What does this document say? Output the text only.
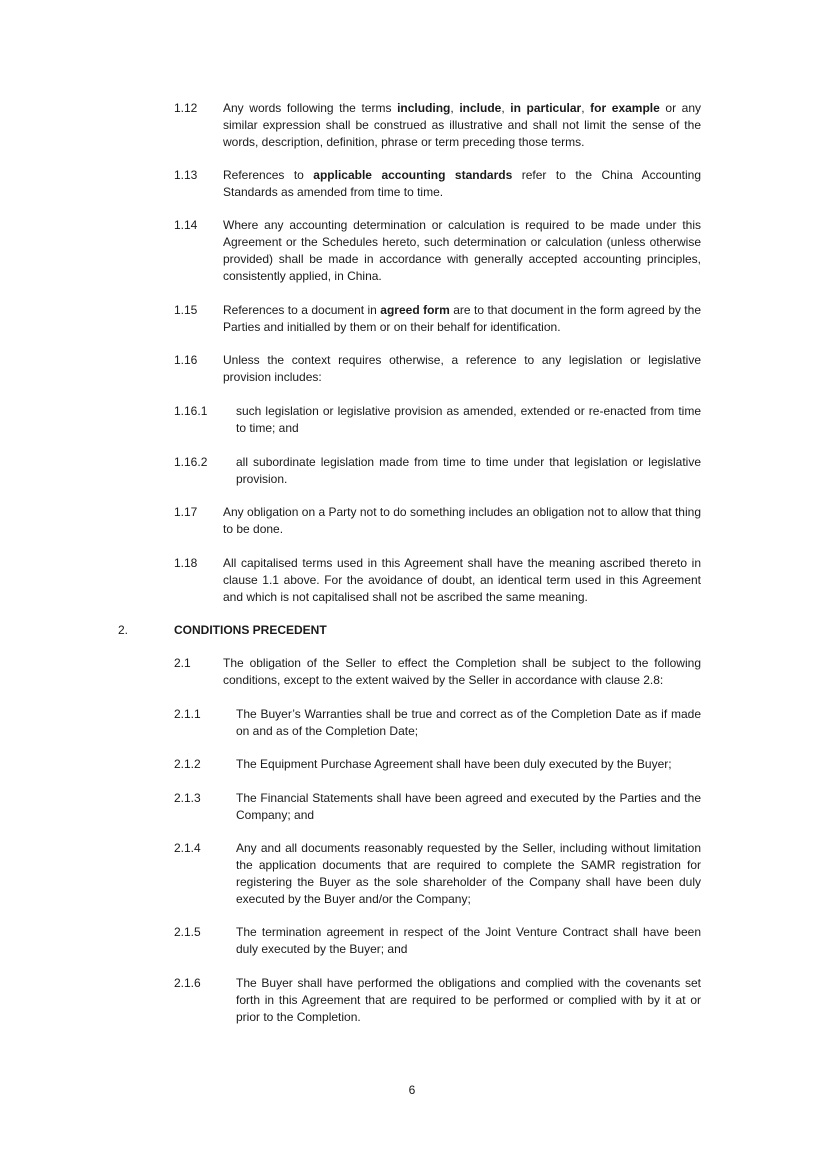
1.12 Any words following the terms including, include, in particular, for example or any similar expression shall be construed as illustrative and shall not limit the sense of the words, description, definition, phrase or term preceding those terms.
1.13 References to applicable accounting standards refer to the China Accounting Standards as amended from time to time.
1.14 Where any accounting determination or calculation is required to be made under this Agreement or the Schedules hereto, such determination or calculation (unless otherwise provided) shall be made in accordance with generally accepted accounting principles, consistently applied, in China.
1.15 References to a document in agreed form are to that document in the form agreed by the Parties and initialled by them or on their behalf for identification.
1.16 Unless the context requires otherwise, a reference to any legislation or legislative provision includes:
1.16.1 such legislation or legislative provision as amended, extended or re-enacted from time to time; and
1.16.2 all subordinate legislation made from time to time under that legislation or legislative provision.
1.17 Any obligation on a Party not to do something includes an obligation not to allow that thing to be done.
1.18 All capitalised terms used in this Agreement shall have the meaning ascribed thereto in clause 1.1 above. For the avoidance of doubt, an identical term used in this Agreement and which is not capitalised shall not be ascribed the same meaning.
2.	CONDITIONS PRECEDENT
2.1	The obligation of the Seller to effect the Completion shall be subject to the following conditions, except to the extent waived by the Seller in accordance with clause 2.8:
2.1.1	The Buyer’s Warranties shall be true and correct as of the Completion Date as if made on and as of the Completion Date;
2.1.2	The Equipment Purchase Agreement shall have been duly executed by the Buyer;
2.1.3	The Financial Statements shall have been agreed and executed by the Parties and the Company; and
2.1.4	Any and all documents reasonably requested by the Seller, including without limitation the application documents that are required to complete the SAMR registration for registering the Buyer as the sole shareholder of the Company shall have been duly executed by the Buyer and/or the Company;
2.1.5	The termination agreement in respect of the Joint Venture Contract shall have been duly executed by the Buyer; and
2.1.6	The Buyer shall have performed the obligations and complied with the covenants set forth in this Agreement that are required to be performed or complied with by it at or prior to the Completion.
6
